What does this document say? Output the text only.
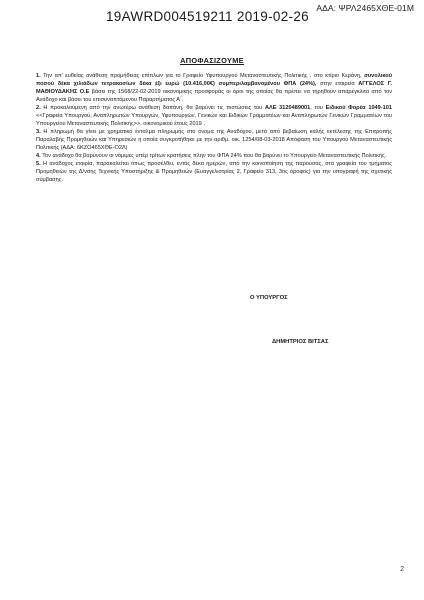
ΑΔΑ: ΨΡΛ2465ΧΘΕ-01Μ
19AWRD004519211 2019-02-26
ΑΠΟΦΑΣΙΖΟΥΜΕ

1. Την απ' ευθείας ανάθεση προμήθειας επίπλων για το Γραφείο Υφυπουργού Μεταναστευτικής Πολιτικής , στο κτίριο Κεράνη, συνολικού ποσού δέκα χιλιάδων τετρακοσίων δέκα έξι ευρώ (10.416,00€) συμπεριλαμβανομένου ΦΠΑ (24%), στην εταιρεία ΑΓΓΕΛΟΣ Γ. ΜΑΘΙΟΥΔΑΚΗΣ Ο.Ε βάσει της 1568/22-02-2019 οικονομικής προσφοράς οι όροι της οποίας θα πρέπει να τηρηθούν απαρέγκλιτα από τον Ανάδοχο και βάσει του επισυναπτόμενου Παραρτήματος Α΄.

2. Η προκαλούμενη από την ανωτέρω ανάθεση δαπάνη, θα βαρύνει τις πιστώσεις του ΑΛΕ 3120489001, του Ειδικού Φορέα 1049-101 <<Γραφεία Υπουργού, Αναπληρωτών Υπουργών, Υφυπουργών, Γενικών και Ειδικών Γραμματέων και Αναπληρωτών Γενικών Γραμματέων του Υπουργείου Μεταναστευτικής Πολιτικής>>, οικονομικού έτους 2019 .

3. Η πληρωμή θα γίνει με χρηματικό ένταλμα πληρωμής στο όνομα της Αναδόχου, μετά από βεβαίωση καλής εκτέλεσης της Επιτροπής Παραλαβής Προμηθειών και Υπηρεσιών η οποία συγκροτήθηκε με την αριθμ. οικ. 1254/08-03-2018 Απόφαση του Υπουργού Μεταναστευτικής Πολιτικής (ΑΔΑ: 6ΚΖΟ465ΧΘΕ-Ο2Λ)

4. Τον ανάδοχο θα βαρύνουν οι νόμιμες υπέρ τρίτων κρατήσεις πλην του ΦΠΑ 24% που θα βαρύνει το Υπουργείο Μεταναστευτικής Πολιτικής.

5. Η ανάδοχος εταιρία, παρακαλείται όπως προσέλθει, εντός δέκα ημερών, από την κοινοποίηση της παρούσας, στα γραφεία του τμήματος Προμηθειών της Δ/νσης Τεχνικής Υποστήριξης & Προμηθειών (Ευαγγελιστρίας 2, Γραφείο 313, 3ος όροφος) για την υπογραφή της σχετικής σύμβασης.

Ο ΥΠΟΥΡΓΟΣ
ΔΗΜΗΤΡΙΟΣ ΒΙΤΣΑΣ
2
